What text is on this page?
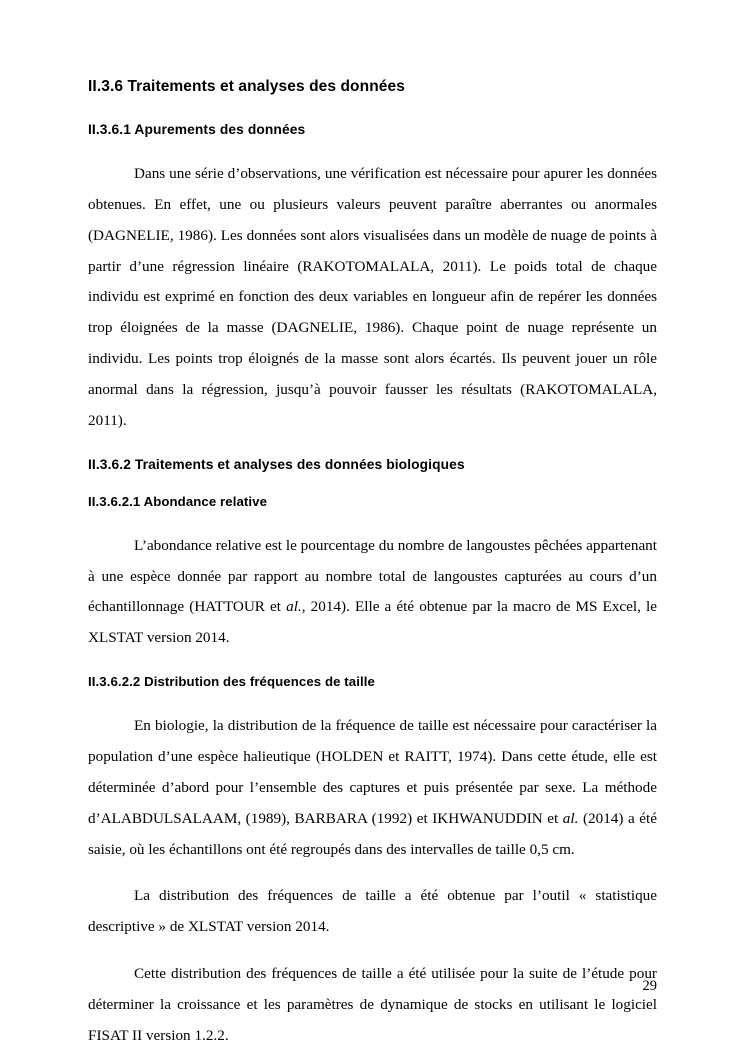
II.3.6 Traitements et analyses des données
II.3.6.1 Apurements des données

Dans une série d’observations, une vérification est nécessaire pour apurer les données obtenues. En effet, une ou plusieurs valeurs peuvent paraître aberrantes ou anormales (DAGNELIE, 1986). Les données sont alors visualisées dans un modèle de nuage de points à partir d’une régression linéaire (RAKOTOMALALA, 2011). Le poids total de chaque individu est exprimé en fonction des deux variables en longueur afin de repérer les données trop éloignées de la masse (DAGNELIE, 1986). Chaque point de nuage représente un individu. Les points trop éloignés de la masse sont alors écartés. Ils peuvent jouer un rôle anormal dans la régression, jusqu’à pouvoir fausser les résultats (RAKOTOMALALA, 2011).

II.3.6.2 Traitements et analyses des données biologiques
II.3.6.2.1 Abondance relative

L’abondance relative est le pourcentage du nombre de langoustes pêchées appartenant à une espèce donnée par rapport au nombre total de langoustes capturées au cours d’un échantillonnage (HATTOUR et al., 2014). Elle a été obtenue par la macro de MS Excel, le XLSTAT version 2014.

II.3.6.2.2 Distribution des fréquences de taille

En biologie, la distribution de la fréquence de taille est nécessaire pour caractériser la population d’une espèce halieutique (HOLDEN et RAITT, 1974). Dans cette étude, elle est déterminée d’abord pour l’ensemble des captures et puis présentée par sexe. La méthode d’ALABDULSALAAM, (1989), BARBARA (1992) et IKHWANUDDIN et al. (2014) a été saisie, où les échantillons ont été regroupés dans des intervalles de taille 0,5 cm.

La distribution des fréquences de taille a été obtenue par l’outil « statistique descriptive » de XLSTAT version 2014.

Cette distribution des fréquences de taille a été utilisée pour la suite de l’étude pour déterminer la croissance et les paramètres de dynamique de stocks en utilisant le logiciel FISAT II version 1.2.2.

29
